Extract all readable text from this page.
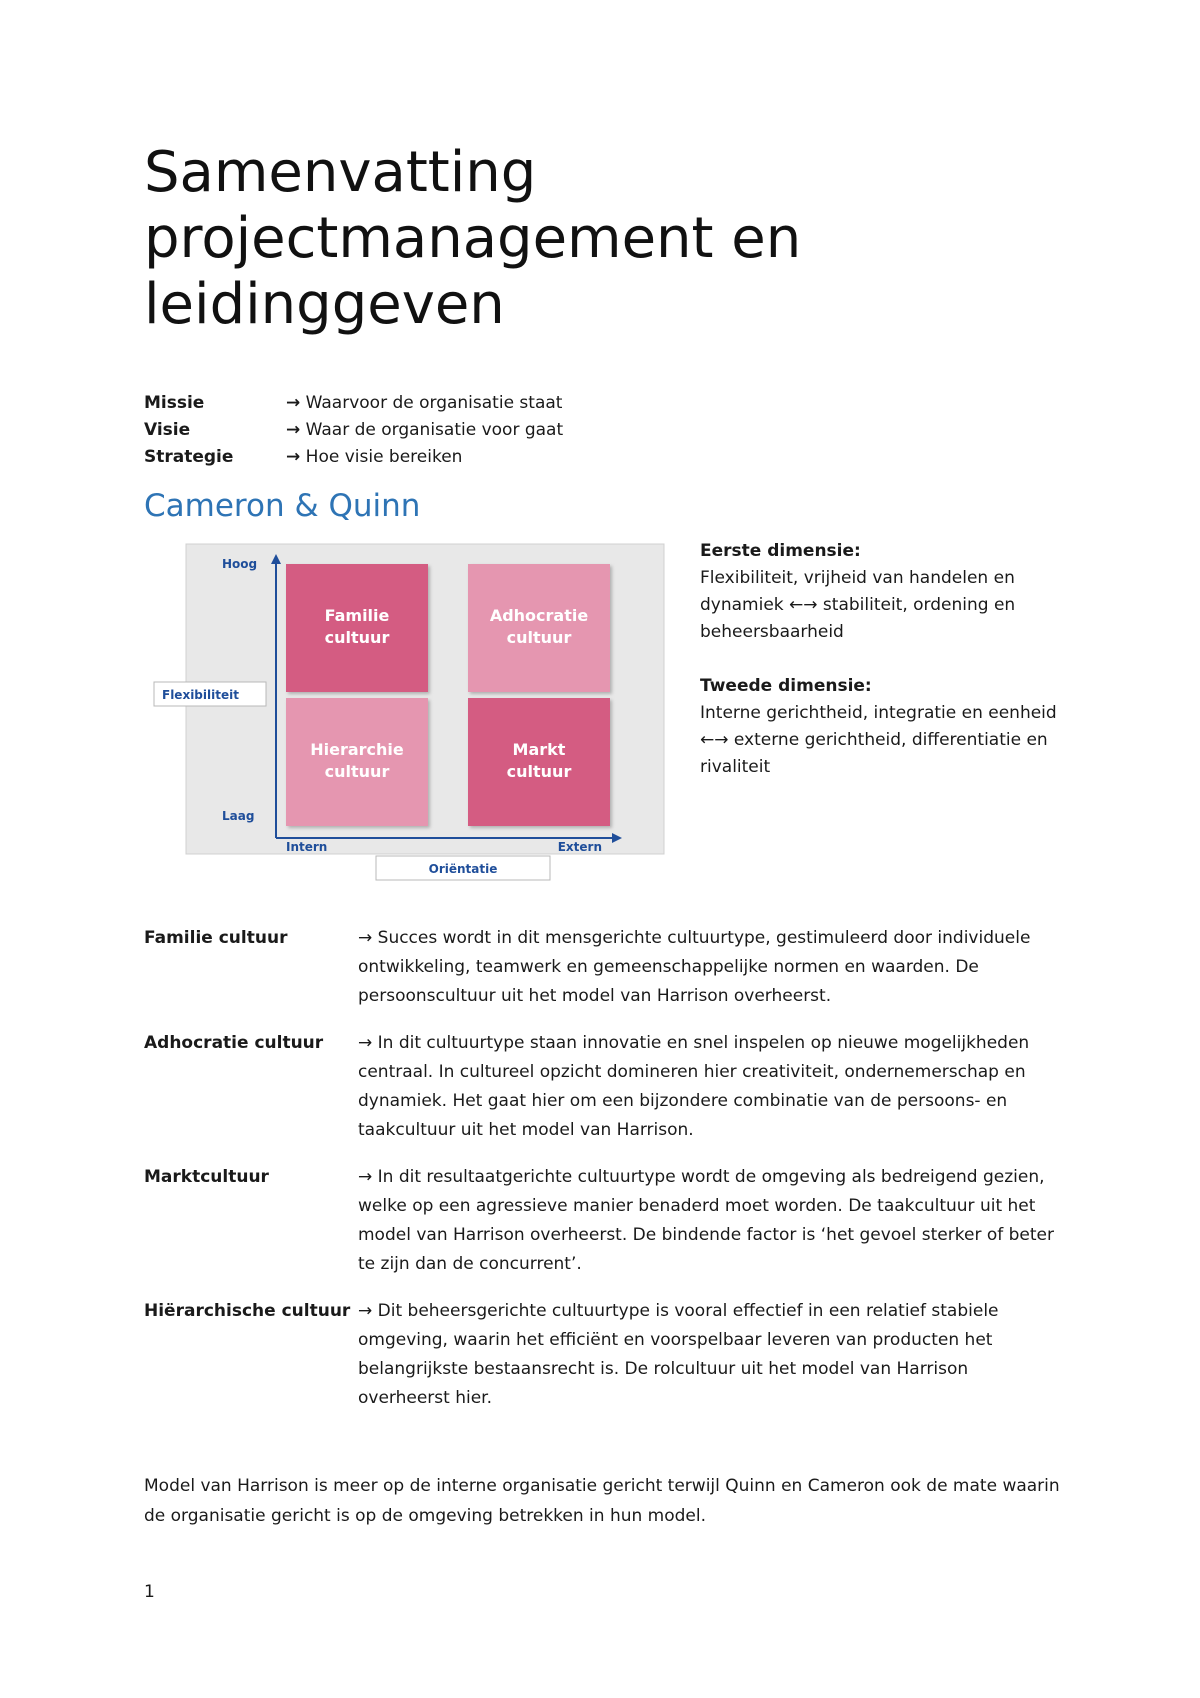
Samenvatting projectmanagement en leidinggeven
Missie	→ Waarvoor de organisatie staat
Visie	→ Waar de organisatie voor gaat
Strategie	→ Hoe visie bereiken
Cameron & Quinn
Familie
cultuur
Adhocratie
cultuur
Hierarchie
cultuur
Markt
cultuur
Hoog
Laag
Intern	Extern
Flexibiliteit
Oriëntatie

Eerste dimensie:

Flexibiliteit, vrijheid van handelen en dynamiek ←→ stabiliteit, ordening en beheersbaarheid

Tweede dimensie:

Interne gerichtheid, integratie en eenheid ←→ externe gerichtheid, differentiatie en rivaliteit

Familie cultuur	→ Succes wordt in dit mensgerichte cultuurtype, gestimuleerd door individuele ontwikkeling, teamwerk en gemeenschappelijke normen en waarden. De persoonscultuur uit het model van Harrison overheerst.
Adhocratie cultuur	→ In dit cultuurtype staan innovatie en snel inspelen op nieuwe mogelijkheden centraal. In cultureel opzicht domineren hier creativiteit, ondernemerschap en dynamiek. Het gaat hier om een bijzondere combinatie van de persoons- en taakcultuur uit het model van Harrison.
Marktcultuur	→ In dit resultaatgerichte cultuurtype wordt de omgeving als bedreigend gezien, welke op een agressieve manier benaderd moet worden. De taakcultuur uit het model van Harrison overheerst. De bindende factor is ‘het gevoel sterker of beter te zijn dan de concurrent’.
Hiërarchische cultuur → Dit beheersgerichte cultuurtype is vooral effectief in een relatief stabiele omgeving, waarin het efficiënt en voorspelbaar leveren van producten het belangrijkste bestaansrecht is. De rolcultuur uit het model van Harrison overheerst hier.

Model van Harrison is meer op de interne organisatie gericht terwijl Quinn en Cameron ook de mate waarin de organisatie gericht is op de omgeving betrekken in hun model.

1
